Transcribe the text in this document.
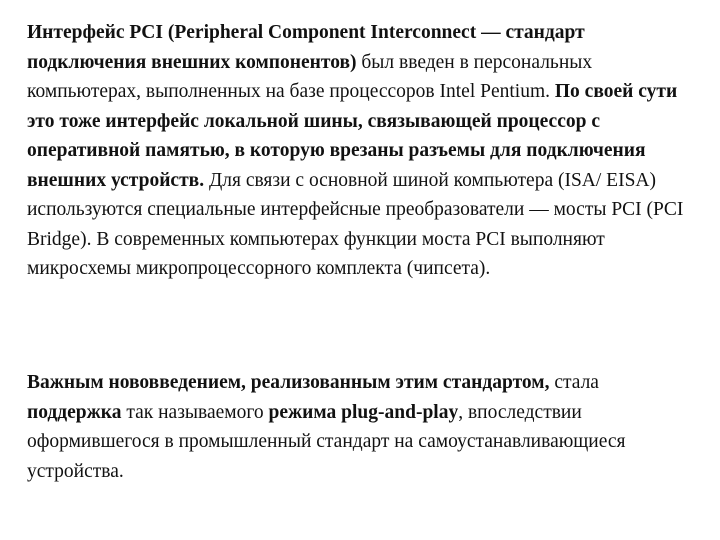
Интерфейс PCI (Peripheral Component Interconnect — стандарт подключения внешних компонентов) был введен в персональных компьютерах, выполненных на базе процессоров Intel Pentium. По своей сути это тоже интерфейс локальной шины, связывающей процессор с оперативной памятью, в которую врезаны разъемы для подключения внешних устройств. Для связи с основной шиной компьютера (ISA/ EISA) используются специальные интерфейсные преобразователи — мосты PCI (PCI Bridge). В современных компьютерах функции моста PCI выполняют микросхемы микропроцессорного комплекта (чипсета).

Важным нововведением, реализованным этим стандартом, стала поддержка так называемого режима plug-and-play, впоследствии оформившегося в промышленный стандарт на самоустанавливающиеся устройства.
